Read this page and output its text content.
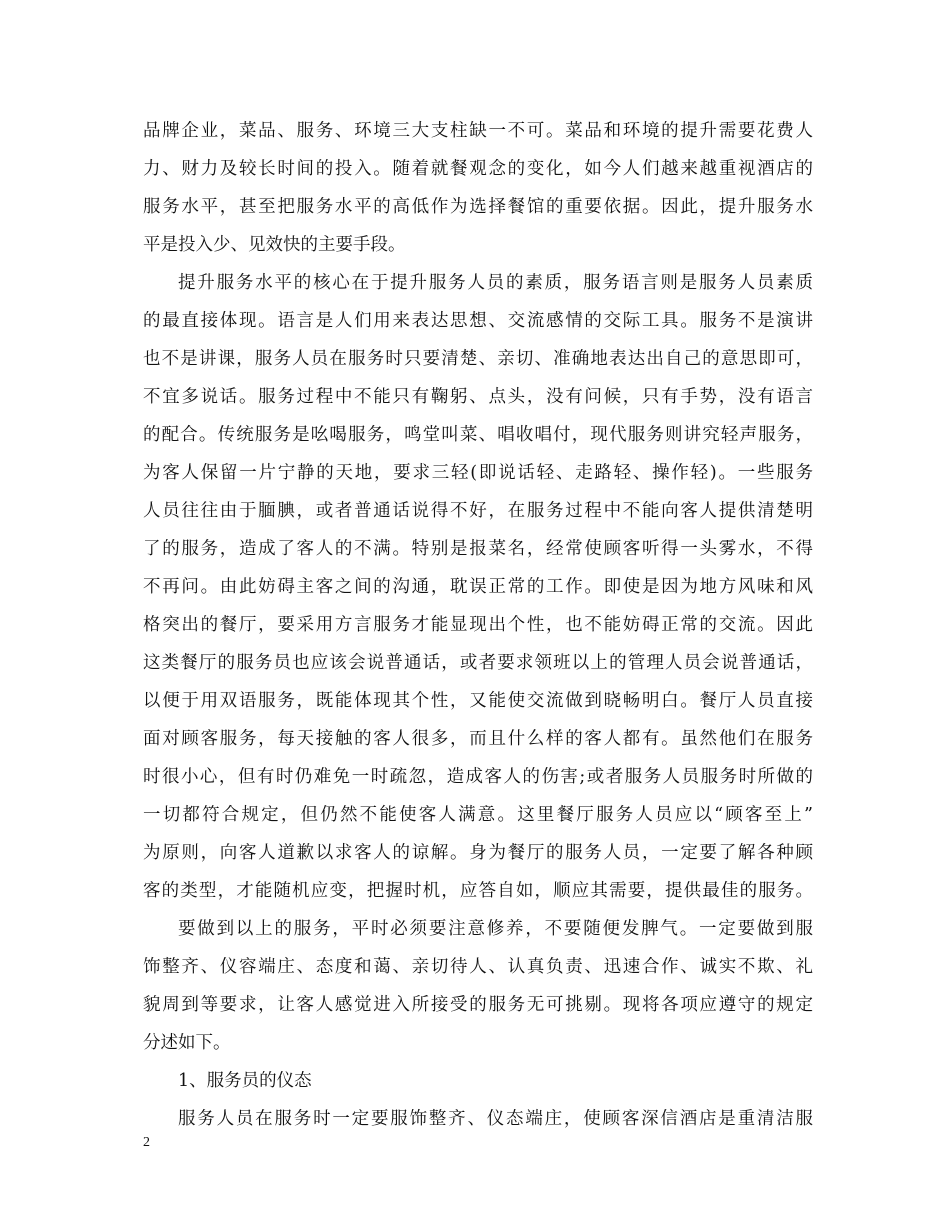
品牌企业，菜品、服务、环境三大支柱缺一不可。菜品和环境的提升需要花费人
力、财力及较长时间的投入。随着就餐观念的变化，如今人们越来越重视酒店的
服务水平，甚至把服务水平的高低作为选择餐馆的重要依据。因此，提升服务水
平是投入少、见效快的主要手段。
提升服务水平的核心在于提升服务人员的素质，服务语言则是服务人员素质
的最直接体现。语言是人们用来表达思想、交流感情的交际工具。服务不是演讲
也不是讲课，服务人员在服务时只要清楚、亲切、准确地表达出自己的意思即可，
不宜多说话。服务过程中不能只有鞠躬、点头，没有问候，只有手势，没有语言
的配合。传统服务是吆喝服务，鸣堂叫菜、唱收唱付，现代服务则讲究轻声服务，
为客人保留一片宁静的天地，要求三轻(即说话轻、走路轻、操作轻)。一些服务
人员往往由于腼腆，或者普通话说得不好，在服务过程中不能向客人提供清楚明
了的服务，造成了客人的不满。特别是报菜名，经常使顾客听得一头雾水，不得
不再问。由此妨碍主客之间的沟通，耽误正常的工作。即使是因为地方风味和风
格突出的餐厅，要采用方言服务才能显现出个性，也不能妨碍正常的交流。因此
这类餐厅的服务员也应该会说普通话，或者要求领班以上的管理人员会说普通话，
以便于用双语服务，既能体现其个性，又能使交流做到晓畅明白。餐厅人员直接
面对顾客服务，每天接触的客人很多，而且什么样的客人都有。虽然他们在服务
时很小心，但有时仍难免一时疏忽，造成客人的伤害;或者服务人员服务时所做的
一切都符合规定，但仍然不能使客人满意。这里餐厅服务人员应以“顾客至上”
为原则，向客人道歉以求客人的谅解。身为餐厅的服务人员，一定要了解各种顾
客的类型，才能随机应变，把握时机，应答自如，顺应其需要，提供最佳的服务。
要做到以上的服务，平时必须要注意修养，不要随便发脾气。一定要做到服
饰整齐、仪容端庄、态度和蔼、亲切待人、认真负责、迅速合作、诚实不欺、礼
貌周到等要求，让客人感觉进入所接受的服务无可挑剔。现将各项应遵守的规定
分述如下。
1、服务员的仪态
服务人员在服务时一定要服饰整齐、仪态端庄，使顾客深信酒店是重清洁服
2
